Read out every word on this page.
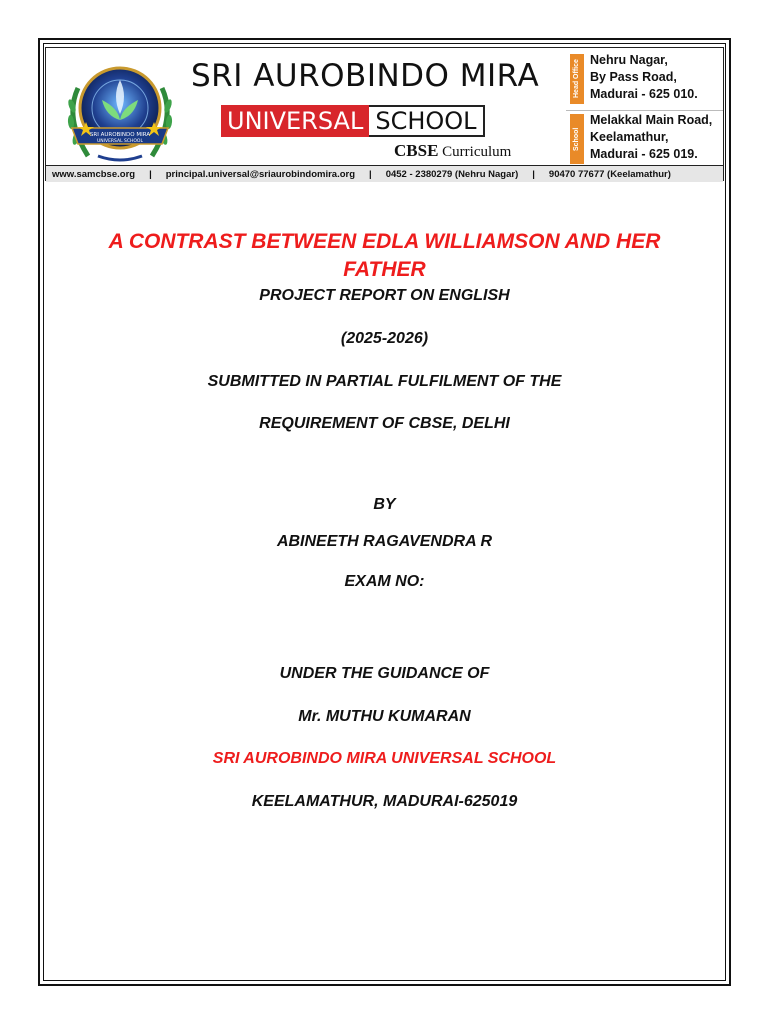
SRI AUROBINDO MIRA
UNIVERSAL SCHOOL
SRI AUROBINDO MIRA
UNIVERSAL SCHOOL
CBSE Curriculum
Head Office Nehru Nagar,
By Pass Road,
Madurai - 625 010.
School
Melakkal Main Road,
Keelamathur,
Madurai - 625 019.
www.samcbse.org	|	principal.universal@sriaurobindomira.org	|	0452 - 2380279 (Nehru Nagar)	|	90470 77677 (Keelamathur)
A CONTRAST BETWEEN EDLA WILLIAMSON AND HER FATHER
PROJECT REPORT ON ENGLISH
(2025-2026)
SUBMITTED IN PARTIAL FULFILMENT OF THE
REQUIREMENT OF CBSE, DELHI
BY
ABINEETH RAGAVENDRA R
EXAM NO:
UNDER THE GUIDANCE OF
Mr. MUTHU KUMARAN
SRI AUROBINDO MIRA UNIVERSAL SCHOOL
KEELAMATHUR, MADURAI-625019
